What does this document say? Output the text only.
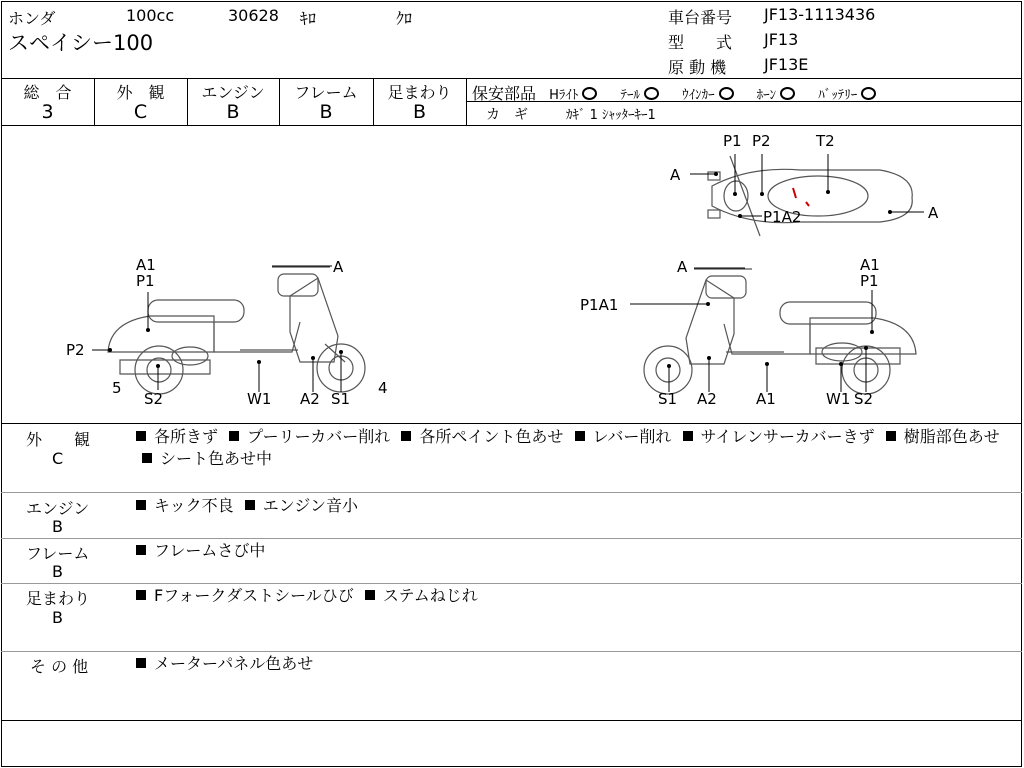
ホンダ	100cc	30628 ｷﾛ	ｸﾛ
スペイシー100
車台番号 JF13-1113436
型　　式 JF13
原 動 機 JF13E
総　合
3
外　観
C
エンジン
B
フレーム
B
足まわり
B
保安部品 Hﾗｲﾄ	ﾃｰﾙ	ｳｲﾝｶｰ	ﾎｰﾝ	ﾊﾞｯﾃﾘｰ
カ　ギ	ｶｷﾞ 1 ｼｬｯﾀｰｷｰ1
P1 P2	T2
A
A
P1A2
A1
P1
A
P2
5	4
S2	W1 A2 S1
A	A1
P1
P1A1
S1 A2	A1	W1 S2
外　　観
C
各所きず プーリーカバー削れ 各所ペイント色あせ レバー削れ サイレンサーカバーきず 樹脂部色あせ シート色あせ中
エンジン
B
キック不良 エンジン音小
フレーム
B
フレームさび中
足まわり
B
Fフォークダストシールひび ステムねじれ
そ の 他	メーターパネル色あせ
